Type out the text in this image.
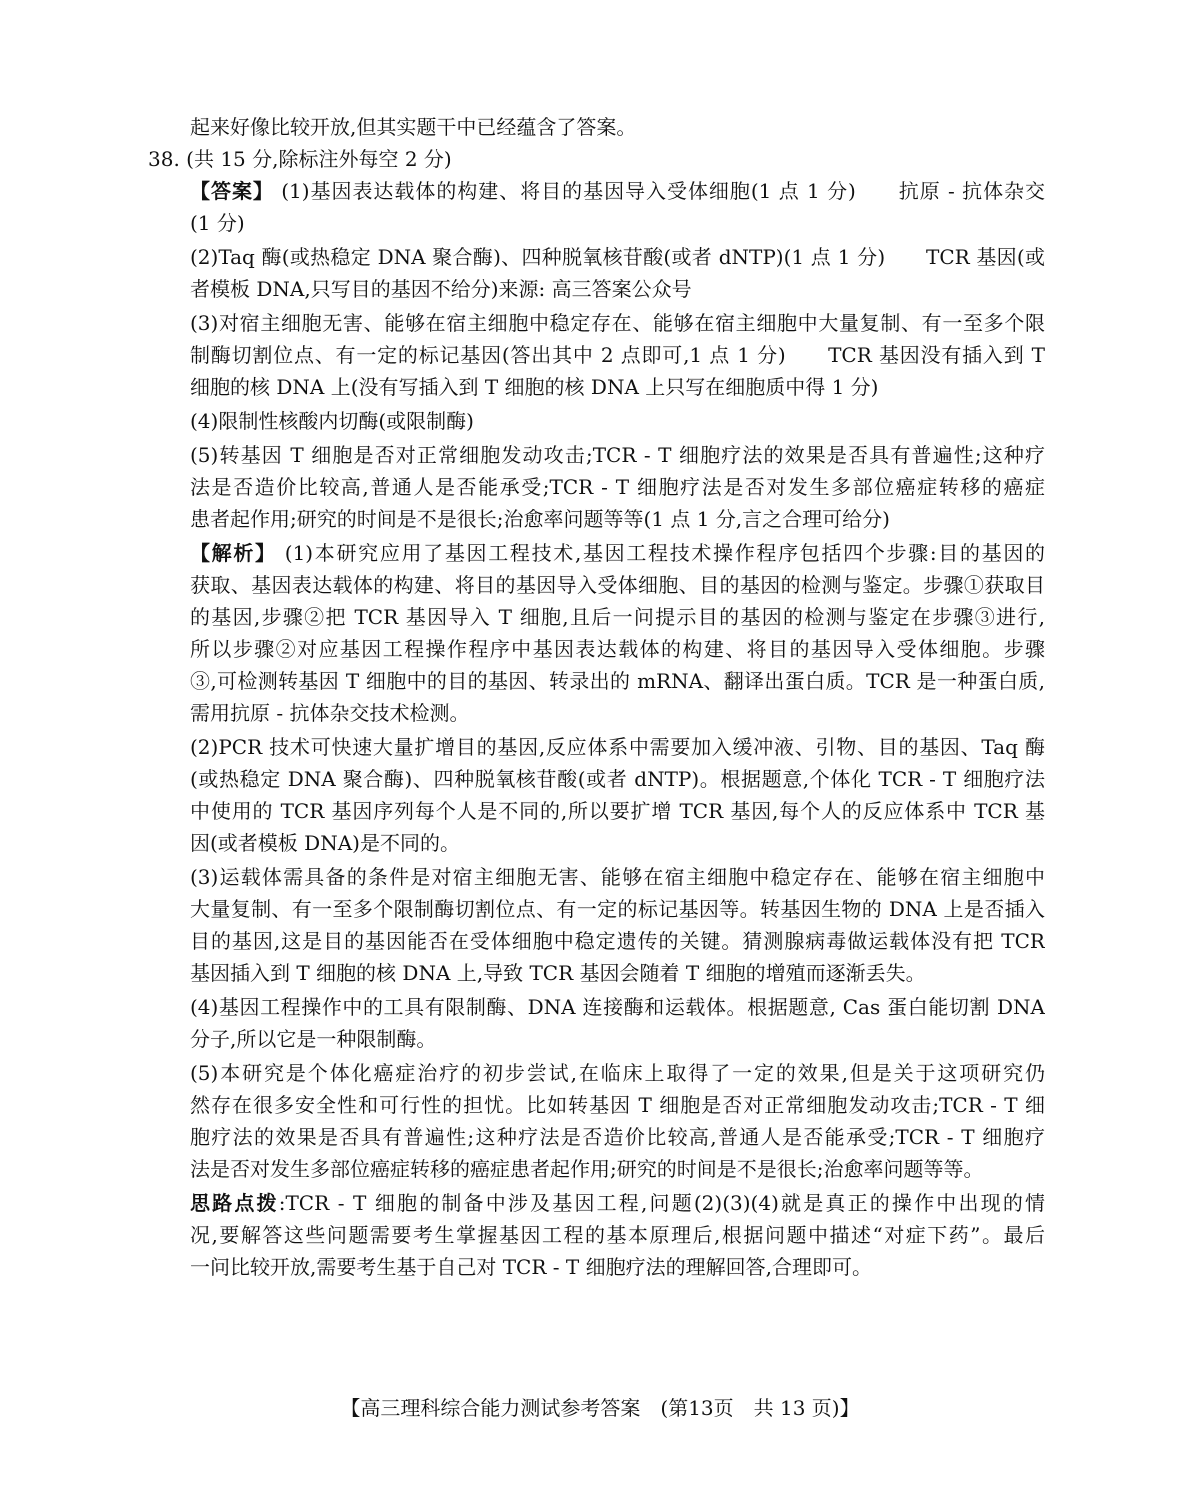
起来好像比较开放,但其实题干中已经蕴含了答案。
38. (共 15 分,除标注外每空 2 分)
【答案】 (1)基因表达载体的构建、将目的基因导入受体细胞(1 点 1 分)　　抗原 - 抗体杂交
(1 分)
(2)Taq 酶(或热稳定 DNA 聚合酶)、四种脱氧核苷酸(或者 dNTP)(1 点 1 分)　　TCR 基因(或
者模板 DNA,只写目的基因不给分)来源: 高三答案公众号
(3)对宿主细胞无害、能够在宿主细胞中稳定存在、能够在宿主细胞中大量复制、有一至多个限
制酶切割位点、有一定的标记基因(答出其中 2 点即可,1 点 1 分)　　TCR 基因没有插入到 T
细胞的核 DNA 上(没有写插入到 T 细胞的核 DNA 上只写在细胞质中得 1 分)
(4)限制性核酸内切酶(或限制酶)
(5)转基因 T 细胞是否对正常细胞发动攻击;TCR - T 细胞疗法的效果是否具有普遍性;这种疗
法是否造价比较高,普通人是否能承受;TCR - T 细胞疗法是否对发生多部位癌症转移的癌症
患者起作用;研究的时间是不是很长;治愈率问题等等(1 点 1 分,言之合理可给分)
【解析】 (1)本研究应用了基因工程技术,基因工程技术操作程序包括四个步骤:目的基因的
获取、基因表达载体的构建、将目的基因导入受体细胞、目的基因的检测与鉴定。步骤①获取目
的基因,步骤②把 TCR 基因导入 T 细胞,且后一问提示目的基因的检测与鉴定在步骤③进行,
所以步骤②对应基因工程操作程序中基因表达载体的构建、将目的基因导入受体细胞。步骤
③,可检测转基因 T 细胞中的目的基因、转录出的 mRNA、翻译出蛋白质。TCR 是一种蛋白质,
需用抗原 - 抗体杂交技术检测。
(2)PCR 技术可快速大量扩增目的基因,反应体系中需要加入缓冲液、引物、目的基因、Taq 酶
(或热稳定 DNA 聚合酶)、四种脱氧核苷酸(或者 dNTP)。根据题意,个体化 TCR - T 细胞疗法
中使用的 TCR 基因序列每个人是不同的,所以要扩增 TCR 基因,每个人的反应体系中 TCR 基
因(或者模板 DNA)是不同的。
(3)运载体需具备的条件是对宿主细胞无害、能够在宿主细胞中稳定存在、能够在宿主细胞中
大量复制、有一至多个限制酶切割位点、有一定的标记基因等。转基因生物的 DNA 上是否插入
目的基因,这是目的基因能否在受体细胞中稳定遗传的关键。猜测腺病毒做运载体没有把 TCR
基因插入到 T 细胞的核 DNA 上,导致 TCR 基因会随着 T 细胞的增殖而逐渐丢失。
(4)基因工程操作中的工具有限制酶、DNA 连接酶和运载体。根据题意, Cas 蛋白能切割 DNA
分子,所以它是一种限制酶。
(5)本研究是个体化癌症治疗的初步尝试,在临床上取得了一定的效果,但是关于这项研究仍
然存在很多安全性和可行性的担忧。比如转基因 T 细胞是否对正常细胞发动攻击;TCR - T 细
胞疗法的效果是否具有普遍性;这种疗法是否造价比较高,普通人是否能承受;TCR - T 细胞疗
法是否对发生多部位癌症转移的癌症患者起作用;研究的时间是不是很长;治愈率问题等等。
思路点拨:TCR - T 细胞的制备中涉及基因工程,问题(2)(3)(4)就是真正的操作中出现的情
况,要解答这些问题需要考生掌握基因工程的基本原理后,根据问题中描述“对症下药”。最后
一问比较开放,需要考生基于自己对 TCR - T 细胞疗法的理解回答,合理即可。
【高三理科综合能力测试参考答案　(第13页　共 13 页)】
